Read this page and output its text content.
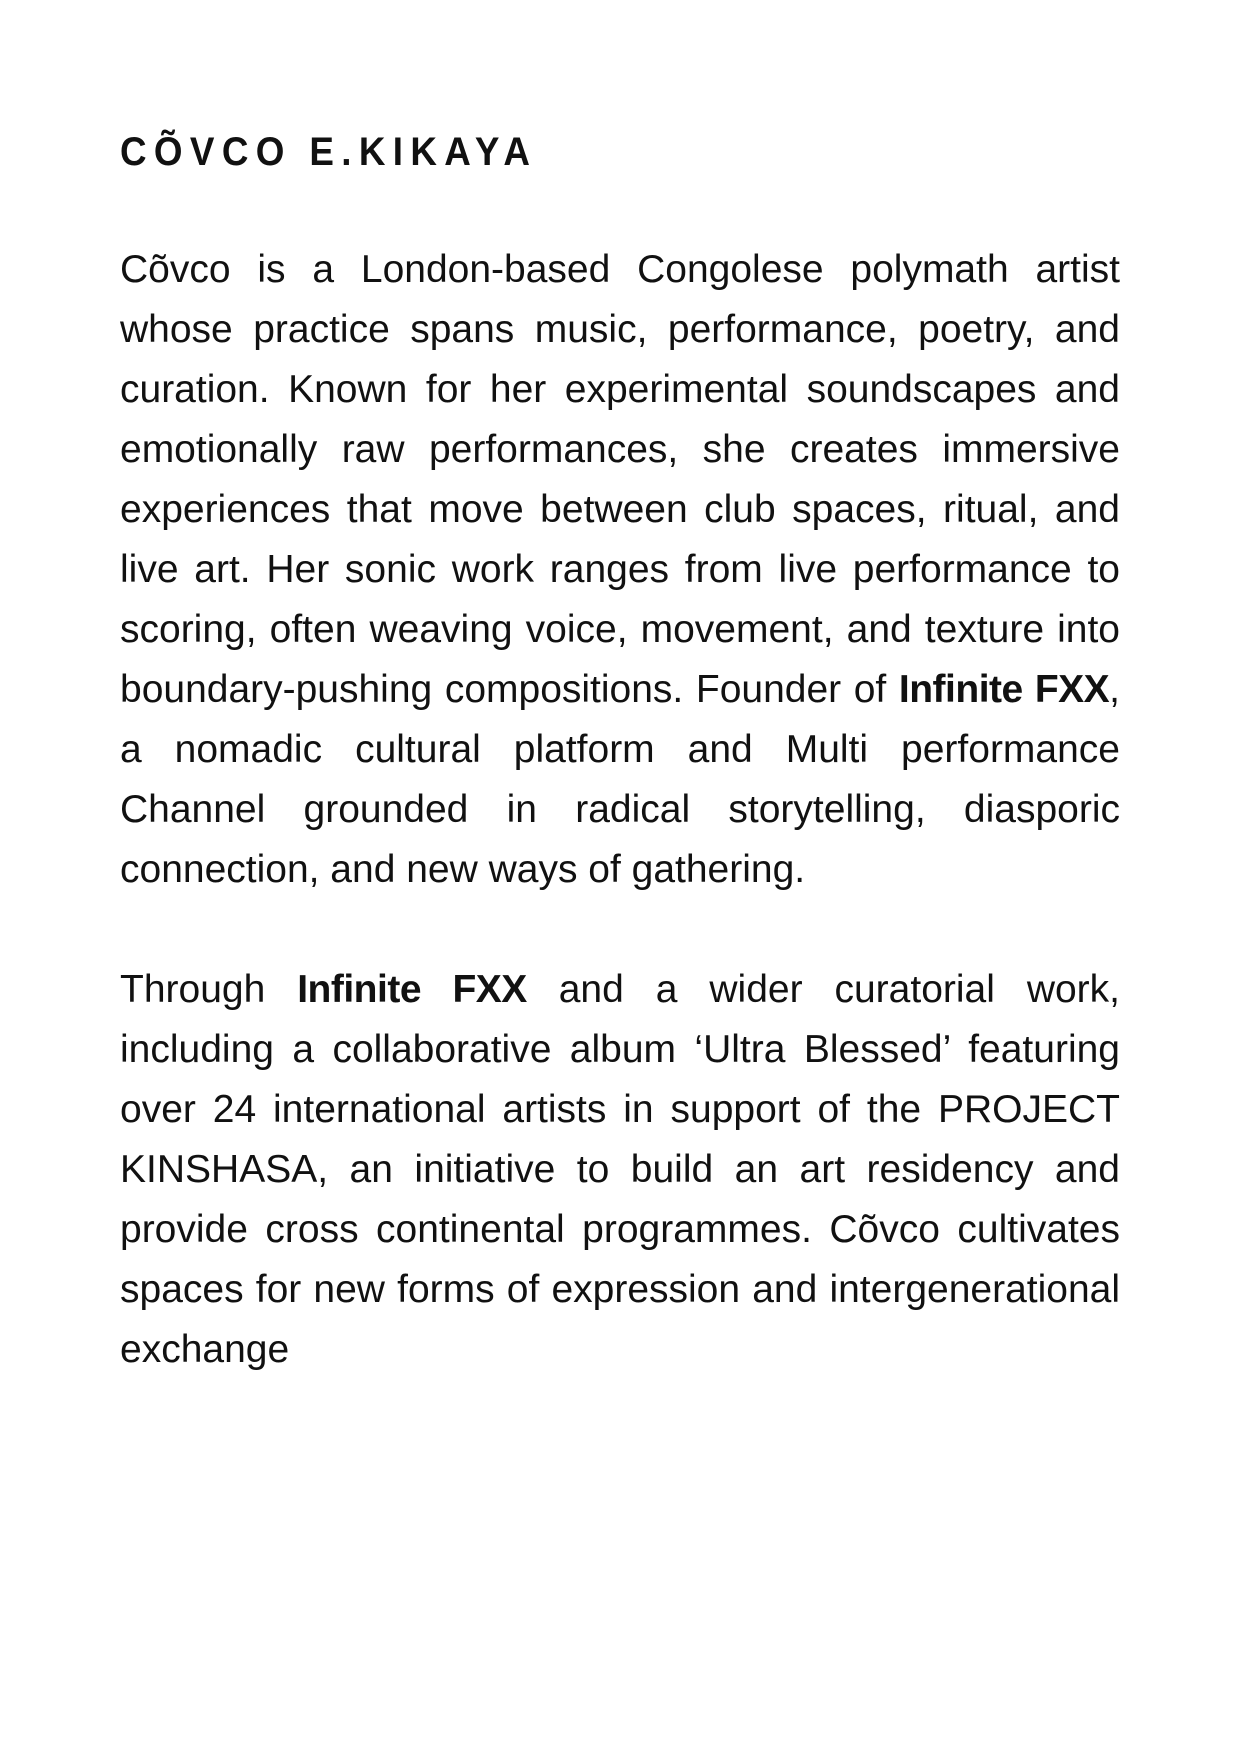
CÕVCO E.KIKAYA

Cõvco is a London-based Congolese polymath artist whose practice spans music, performance, poetry, and curation. Known for her experimental soundscapes and emotionally raw performances, she creates immersive experiences that move between club spaces, ritual, and live art. Her sonic work ranges from live performance to scoring, often weaving voice, movement, and texture into boundary-pushing compositions. Founder of Infinite FXX, a nomadic cultural platform and Multi performance Channel grounded in radical storytelling, diasporic connection, and new ways of gathering.

Through Infinite FXX and a wider curatorial work, including a collaborative album ‘Ultra Blessed’ featuring over 24 international artists in support of the PROJECT KINSHASA, an initiative to build an art residency and provide cross continental programmes. Cõvco cultivates spaces for new forms of expression and intergenerational exchange
